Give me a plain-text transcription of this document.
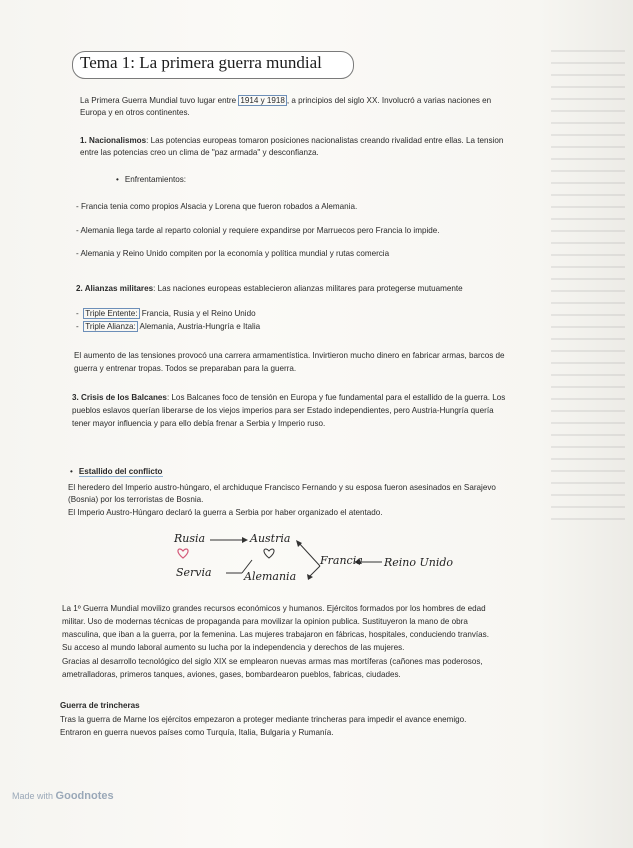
Tema 1: La primera guerra mundial
La Primera Guerra Mundial tuvo lugar entre 1914 y 1918 , a principios del siglo XX. Involucró a varias naciones en
Europa y en otros continentes.
1. Nacionalismos: Las potencias europeas tomaron posiciones nacionalistas creando rivalidad entre ellas. La tension
entre las potencias creo un clima de "paz armada" y desconfianza.
• Enfrentamientos:
- Francia tenia como propios Alsacia y Lorena que fueron robados a Alemania.
- Alemania llega tarde al reparto colonial y requiere expandirse por Marruecos pero Francia lo impide.
- Alemania y Reino Unido compiten por la economía y política mundial y rutas comercia
2. Alianzas militares: Las naciones europeas establecieron alianzas militares para protegerse mutuamente
-  Triple Entente: Francia, Rusia y el Reino Unido
-  Triple Alianza: Alemania, Austria-Hungría e Italia
El aumento de las tensiones provocó una carrera armamentística. Invirtieron mucho dinero en fabricar armas, barcos de
guerra y entrenar tropas. Todos se preparaban para la guerra.
3. Crisis de los Balcanes: Los Balcanes foco de tensión en Europa y fue fundamental para el estallido de la guerra. Los
pueblos eslavos querían liberarse de los viejos imperios para ser Estado independientes, pero Austria-Hungría quería
tener mayor influencia y para ello debía frenar a Serbia y Imperio ruso.
• Estallido del conflicto
El heredero del Imperio austro-húngaro, el archiduque Francisco Fernando y su esposa fueron asesinados en Sarajevo
(Bosnia) por los terroristas de Bosnia.
El Imperio Austro-Húngaro declaró la guerra a Serbia por haber organizado el atentado.
Rusia	Austria
Francia Reino Unido
Servia	Alemania
La 1º Guerra Mundial movilizo grandes recursos económicos y humanos. Ejércitos formados por los hombres de edad
militar. Uso de modernas técnicas de propaganda para movilizar la opinion publica. Sustituyeron la mano de obra
masculina, que iban a la guerra, por la femenina. Las mujeres trabajaron en fábricas, hospitales, conduciendo tranvías.
Su acceso al mundo laboral aumento su lucha por la independencia y derechos de las mujeres.
Gracias al desarrollo tecnológico del siglo XIX se emplearon nuevas armas mas mortíferas (cañones mas poderosos,
ametralladoras, primeros tanques, aviones, gases, bombardearon pueblos, fabricas, ciudades.
Guerra de trincheras
Tras la guerra de Marne los ejércitos empezaron a proteger mediante trincheras para impedir el avance enemigo.
Entraron en guerra nuevos países como Turquía, Italia, Bulgaria y Rumanía.
Made with Goodnotes
